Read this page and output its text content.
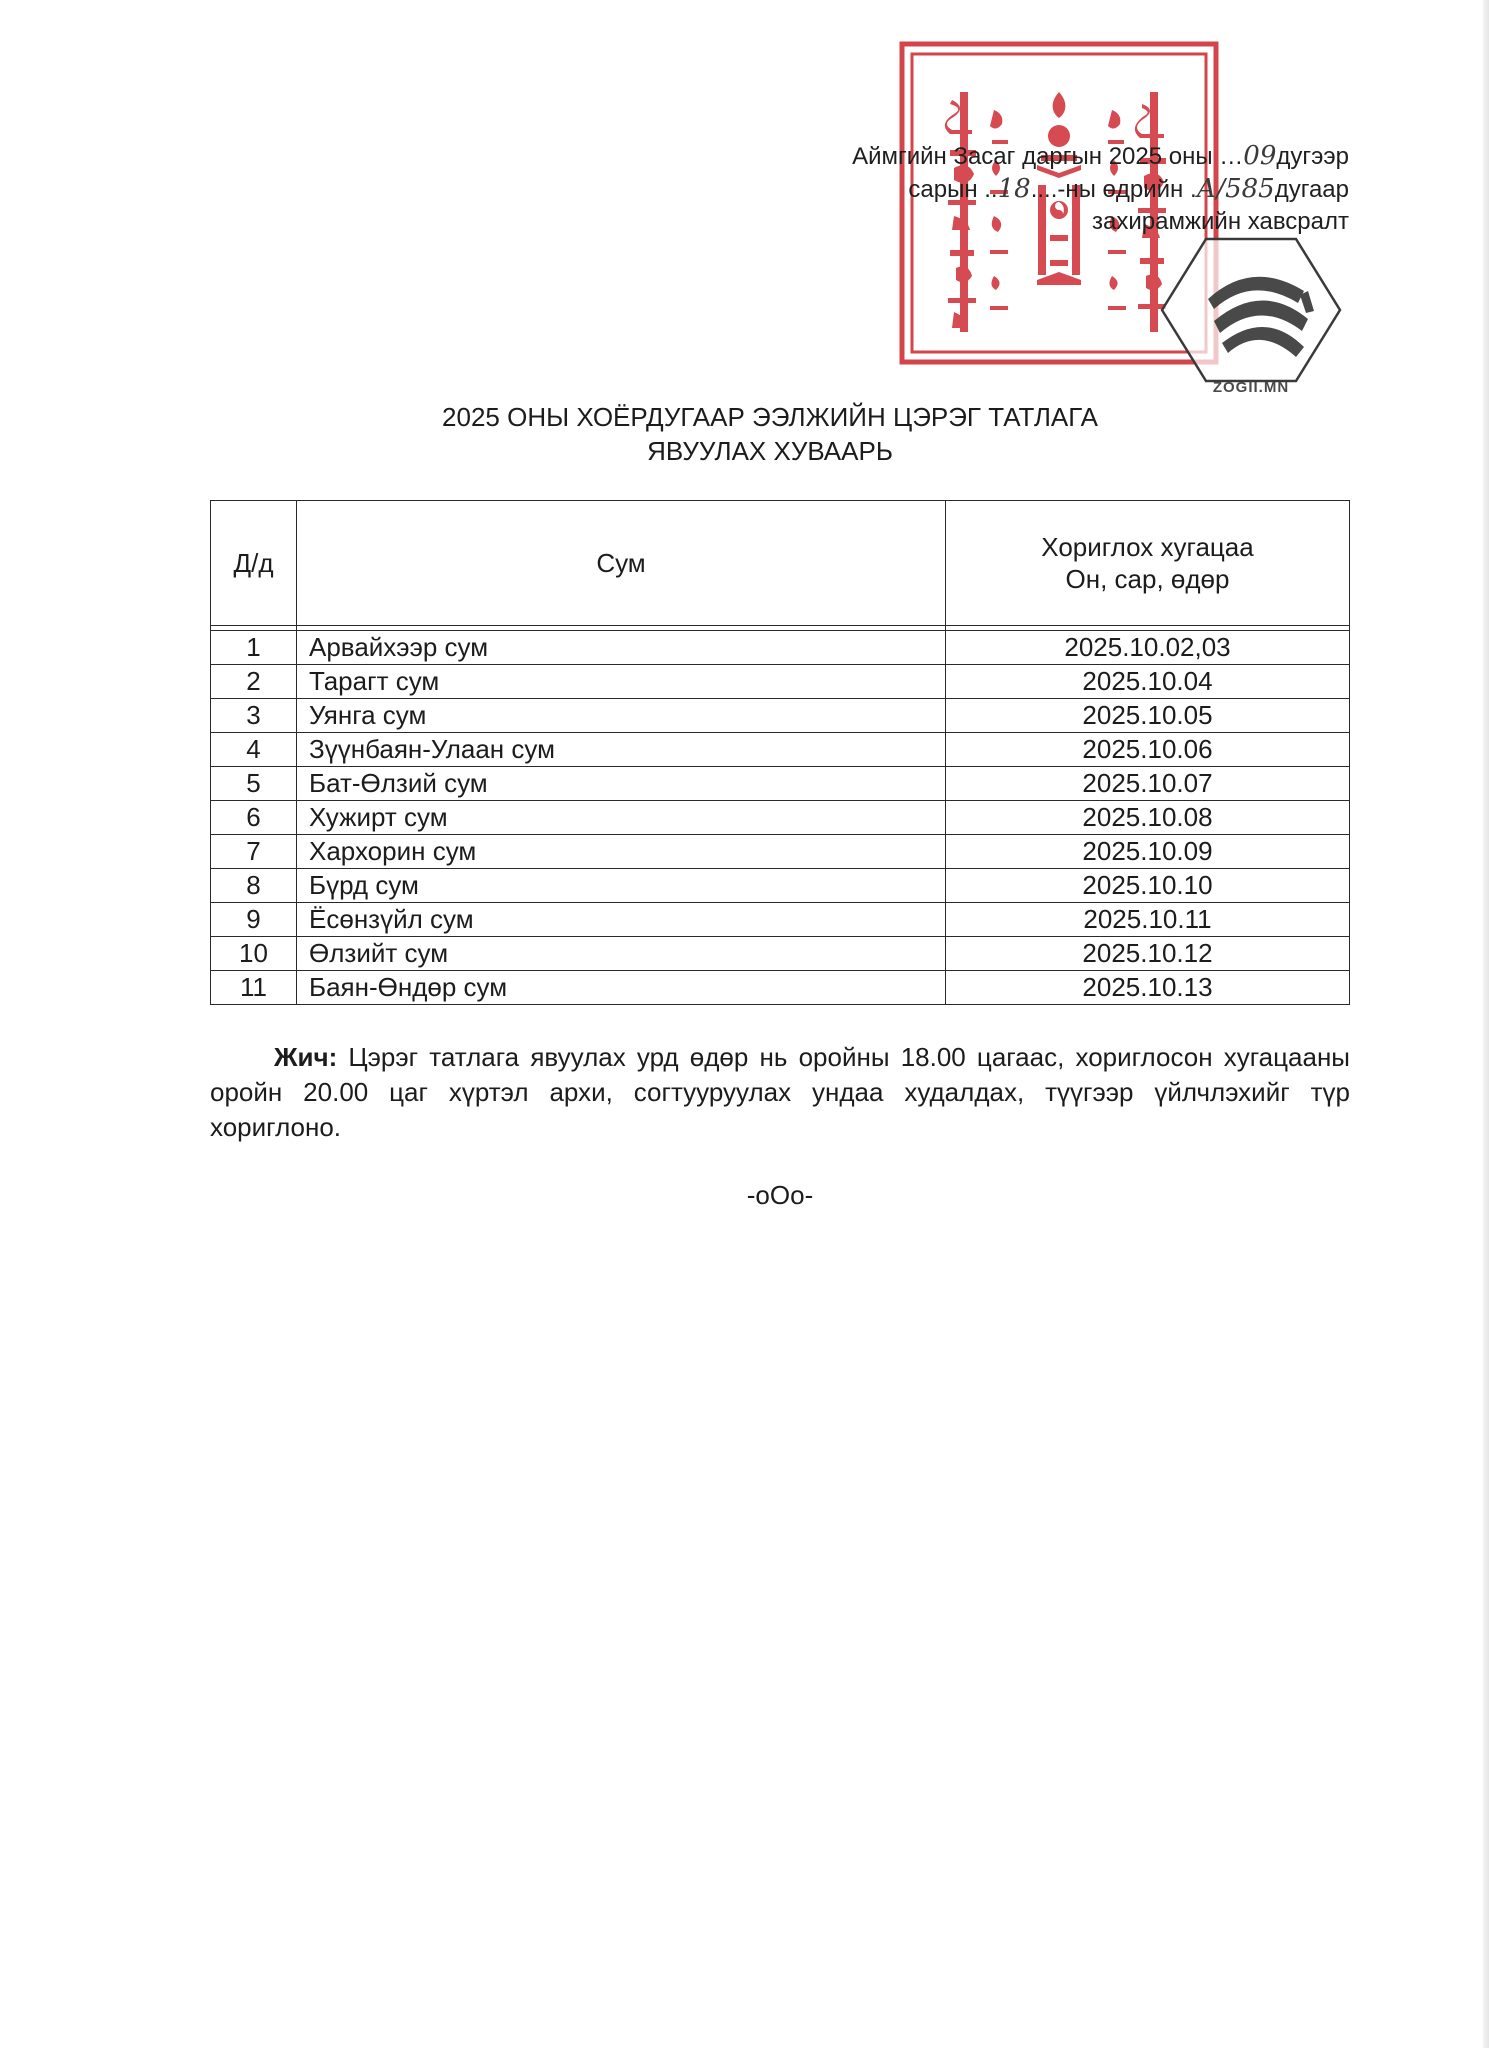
ZOGII.MN
Аймгийн Засаг даргын 2025 оны …09дугээр
сарын ..18....-ны өдрийн .А/585дугаар
захирамжийн хавсралт
2025 ОНЫ ХОЁРДУГААР ЭЭЛЖИЙН ЦЭРЭГ ТАТЛАГА
ЯВУУЛАХ ХУВААРЬ
Д/д	Сум	Хориглох хугацаа
Он, сар, өдөр

1	Арвайхээр сум	2025.10.02,03
2	Тарагт сум	2025.10.04
3	Уянга сум	2025.10.05
4	Зүүнбаян-Улаан сум	2025.10.06
5	Бат-Өлзий сум	2025.10.07
6	Хужирт сум	2025.10.08
7	Хархорин сум	2025.10.09
8	Бүрд сум	2025.10.10
9	Ёсөнзүйл сум	2025.10.11
10	Өлзийт сум	2025.10.12
11	Баян-Өндөр сум	2025.10.13
Жич: Цэрэг татлага явуулах урд өдөр нь оройны 18.00 цагаас, хориглосон хугацааны оройн 20.00 цаг хүртэл архи, согтууруулах ундаа худалдах, түүгээр үйлчлэхийг түр хориглоно.
-оОо-
